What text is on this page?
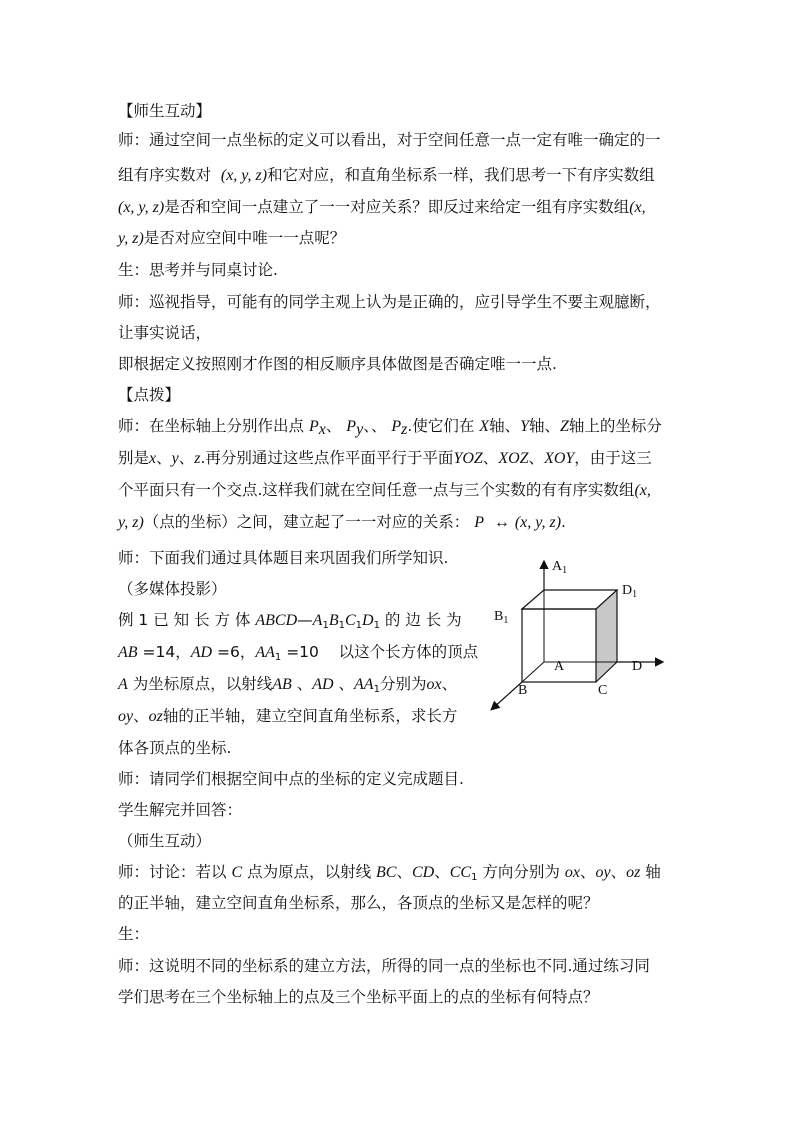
【师生互动】
师：通过空间一点坐标的定义可以看出，对于空间任意一点一定有唯一确定的一
组有序实数对 (x, y, z)和它对应，和直角坐标系一样，我们思考一下有序实数组
(x, y, z)是否和空间一点建立了一一对应关系？即反过来给定一组有序实数组(x,
y, z)是否对应空间中唯一一点呢？
生：思考并与同桌讨论.
师：巡视指导，可能有的同学主观上认为是正确的，应引导学生不要主观臆断，
让事实说话，
即根据定义按照刚才作图的相反顺序具体做图是否确定唯一一点.
【点拨】
师：在坐标轴上分别作出点 $P_x$、 $P_y$、、 $P_z$.使它们在 X轴、Y轴、Z轴上的坐标分
别是x、y、z.再分别通过这些点作平面平行于平面YOZ、XOZ、XOY，由于这三
个平面只有一个交点.这样我们就在空间任意一点与三个实数的有有序实数组(x,
y, z)（点的坐标）之间，建立起了一一对应的关系： P ↔ (x, y, z).
师：下面我们通过具体题目来巩固我们所学知识.
（多媒体投影）
例 1 已 知 长 方 体 $ABCD—A_1B_1C_1D_1$ 的 边 长 为
AB =14，AD =6，$AA_1 =10$ 以这个长方体的顶点
A 为坐标原点，以射线AB 、AD 、$AA_1$分别为ox、
oy、oz轴的正半轴，建立空间直角坐标系，求长方
体各顶点的坐标.
师：请同学们根据空间中点的坐标的定义完成题目.
学生解完并回答：
（师生互动）
师：讨论：若以 C 点为原点，以射线 BC、CD、$CC_1$ 方向分别为 ox、oy、oz 轴
的正半轴，建立空间直角坐标系，那么，各顶点的坐标又是怎样的呢？
生：
师：这说明不同的坐标系的建立方法，所得的同一点的坐标也不同.通过练习同
学们思考在三个坐标轴上的点及三个坐标平面上的点的坐标有何特点？
$A_1$
$D_1$
$B_1$
A	D
B	C
